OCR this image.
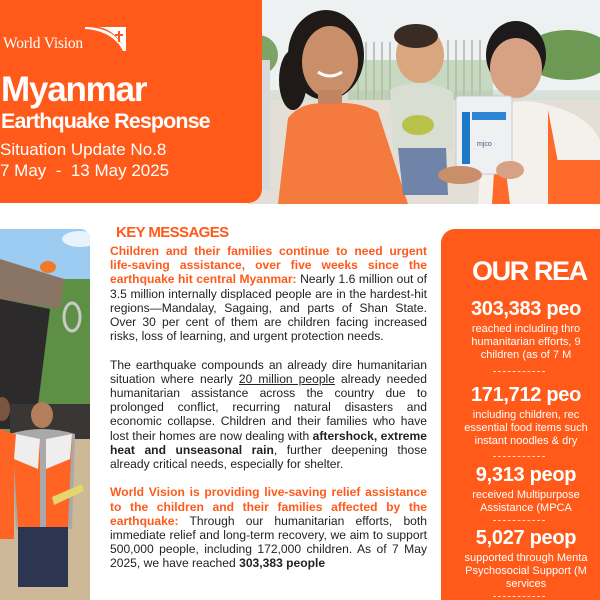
World Vision
Myanmar
Earthquake Response
Situation Update No.8
7 May  -  13 May 2025
mjco
KEY MESSAGES

Children and their families continue to need urgent life-saving assistance, over five weeks since the earthquake hit central Myanmar: Nearly 1.6 million out of 3.5 million internally displaced people are in the hardest-hit regions—Mandalay, Sagaing, and parts of Shan State. Over 30 per cent of them are children facing increased risks, loss of learning, and urgent protection needs.

The earthquake compounds an already dire humanitarian situation where nearly 20 million people already needed humanitarian assistance across the country due to prolonged conflict, recurring natural disasters and economic collapse. Children and their families who have lost their homes are now dealing with aftershock, extreme heat and unseasonal rain, further deepening those already critical needs, especially for shelter.

World Vision is providing live-saving relief assistance to the children and their families affected by the earthquake: Through our humanitarian efforts, both immediate relief and long-term recovery, we aim to support 500,000 people, including 172,000 children. As of 7 May 2025, we have reached 303,383 people

OUR REA
303,383 peo
reached including thro
humanitarian efforts, 9
children (as of 7 M
171,712 peo
including children, rec
essential food items such
instant noodles & dry
9,313 peop
received Multipurpose
Assistance (MPCA
5,027 peop
supported through Menta
Psychosocial Support (M
services
